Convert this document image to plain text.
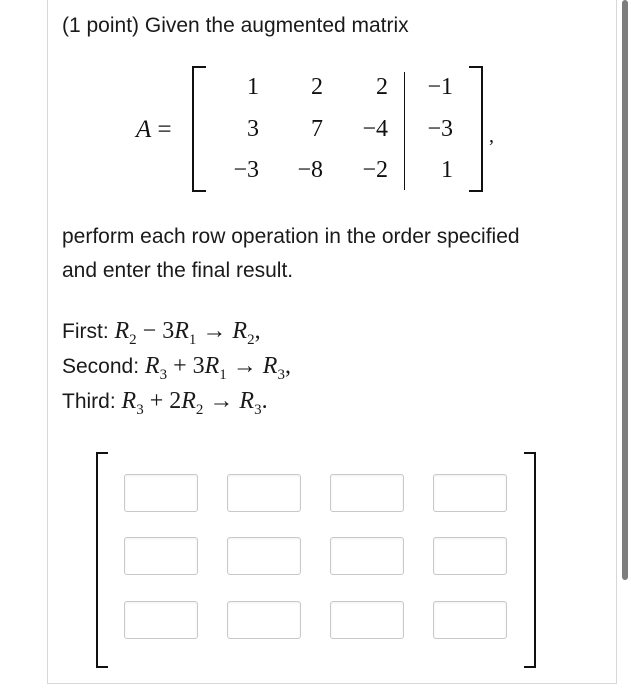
(1 point) Given the augmented matrix
A =
1	2	2	−1
3	7	−4	−3
−3	−8	−2	1
,
perform each row operation in the order specified and enter the final result.
First: $R_2 - 3R_1 \to R_2$,
Second: $R_3 + 3R_1 \to R_3$,
Third: $R_3 + 2R_2 \to R_3$.
